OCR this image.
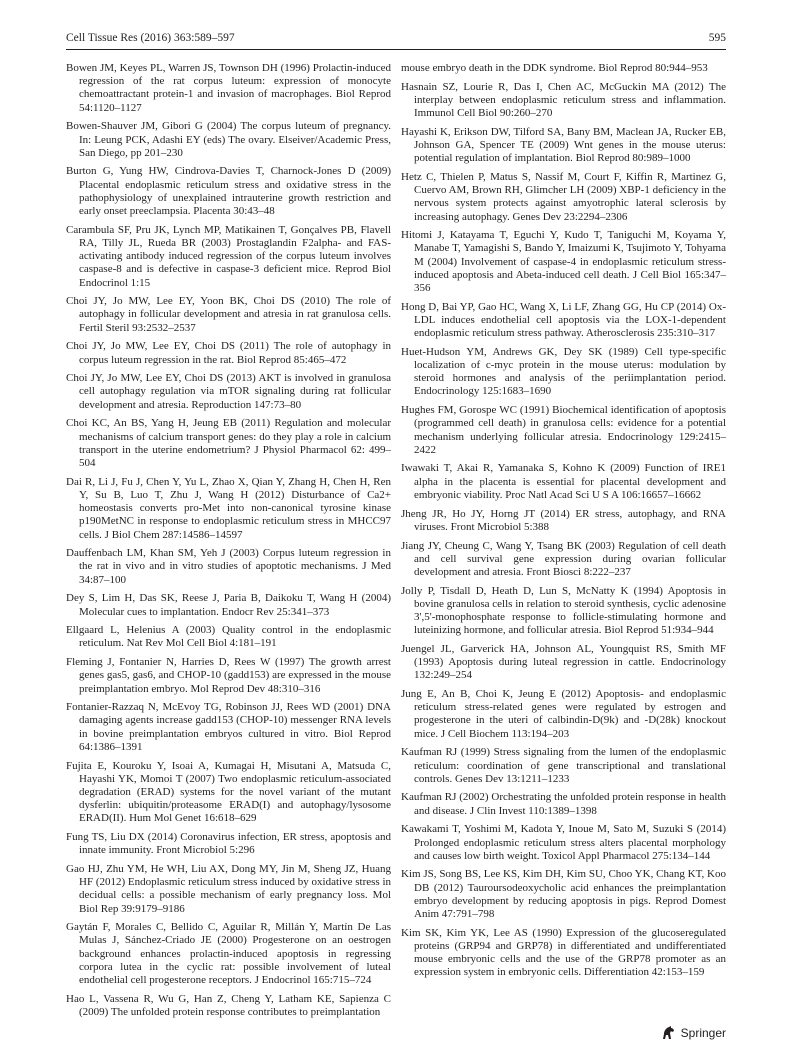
Cell Tissue Res (2016) 363:589–597	595

Bowen JM, Keyes PL, Warren JS, Townson DH (1996) Prolactin-induced regression of the rat corpus luteum: expression of monocyte chemoattractant protein-1 and invasion of macrophages. Biol Reprod 54:1120–1127

Bowen-Shauver JM, Gibori G (2004) The corpus luteum of pregnancy. In: Leung PCK, Adashi EY (eds) The ovary. Elseiver/Academic Press, San Diego, pp 201–230

Burton G, Yung HW, Cindrova-Davies T, Charnock-Jones D (2009) Placental endoplasmic reticulum stress and oxidative stress in the pathophysiology of unexplained intrauterine growth restriction and early onset preeclampsia. Placenta 30:43–48

Carambula SF, Pru JK, Lynch MP, Matikainen T, Gonçalves PB, Flavell RA, Tilly JL, Rueda BR (2003) Prostaglandin F2alpha- and FAS-activating antibody induced regression of the corpus luteum involves caspase-8 and is defective in caspase-3 deficient mice. Reprod Biol Endocrinol 1:15

Choi JY, Jo MW, Lee EY, Yoon BK, Choi DS (2010) The role of autophagy in follicular development and atresia in rat granulosa cells. Fertil Steril 93:2532–2537

Choi JY, Jo MW, Lee EY, Choi DS (2011) The role of autophagy in corpus luteum regression in the rat. Biol Reprod 85:465–472

Choi JY, Jo MW, Lee EY, Choi DS (2013) AKT is involved in granulosa cell autophagy regulation via mTOR signaling during rat follicular development and atresia. Reproduction 147:73–80

Choi KC, An BS, Yang H, Jeung EB (2011) Regulation and molecular mechanisms of calcium transport genes: do they play a role in calcium transport in the uterine endometrium? J Physiol Pharmacol 62: 499–504

Dai R, Li J, Fu J, Chen Y, Yu L, Zhao X, Qian Y, Zhang H, Chen H, Ren Y, Su B, Luo T, Zhu J, Wang H (2012) Disturbance of Ca2+ homeostasis converts pro-Met into non-canonical tyrosine kinase p190MetNC in response to endoplasmic reticulum stress in MHCC97 cells. J Biol Chem 287:14586–14597

Dauffenbach LM, Khan SM, Yeh J (2003) Corpus luteum regression in the rat in vivo and in vitro studies of apoptotic mechanisms. J Med 34:87–100

Dey S, Lim H, Das SK, Reese J, Paria B, Daikoku T, Wang H (2004) Molecular cues to implantation. Endocr Rev 25:341–373

Ellgaard L, Helenius A (2003) Quality control in the endoplasmic reticulum. Nat Rev Mol Cell Biol 4:181–191

Fleming J, Fontanier N, Harries D, Rees W (1997) The growth arrest genes gas5, gas6, and CHOP-10 (gadd153) are expressed in the mouse preimplantation embryo. Mol Reprod Dev 48:310–316

Fontanier-Razzaq N, McEvoy TG, Robinson JJ, Rees WD (2001) DNA damaging agents increase gadd153 (CHOP-10) messenger RNA levels in bovine preimplantation embryos cultured in vitro. Biol Reprod 64:1386–1391

Fujita E, Kouroku Y, Isoai A, Kumagai H, Misutani A, Matsuda C, Hayashi YK, Momoi T (2007) Two endoplasmic reticulum-associated degradation (ERAD) systems for the novel variant of the mutant dysferlin: ubiquitin/proteasome ERAD(I) and autophagy/lysosome ERAD(II). Hum Mol Genet 16:618–629

Fung TS, Liu DX (2014) Coronavirus infection, ER stress, apoptosis and innate immunity. Front Microbiol 5:296

Gao HJ, Zhu YM, He WH, Liu AX, Dong MY, Jin M, Sheng JZ, Huang HF (2012) Endoplasmic reticulum stress induced by oxidative stress in decidual cells: a possible mechanism of early pregnancy loss. Mol Biol Rep 39:9179–9186

Gaytán F, Morales C, Bellido C, Aguilar R, Millán Y, Martín De Las Mulas J, Sánchez-Criado JE (2000) Progesterone on an oestrogen background enhances prolactin-induced apoptosis in regressing corpora lutea in the cyclic rat: possible involvement of luteal endothelial cell progesterone receptors. J Endocrinol 165:715–724

Hao L, Vassena R, Wu G, Han Z, Cheng Y, Latham KE, Sapienza C (2009) The unfolded protein response contributes to preimplantation

mouse embryo death in the DDK syndrome. Biol Reprod 80:944–953

Hasnain SZ, Lourie R, Das I, Chen AC, McGuckin MA (2012) The interplay between endoplasmic reticulum stress and inflammation. Immunol Cell Biol 90:260–270

Hayashi K, Erikson DW, Tilford SA, Bany BM, Maclean JA, Rucker EB, Johnson GA, Spencer TE (2009) Wnt genes in the mouse uterus: potential regulation of implantation. Biol Reprod 80:989–1000

Hetz C, Thielen P, Matus S, Nassif M, Court F, Kiffin R, Martinez G, Cuervo AM, Brown RH, Glimcher LH (2009) XBP-1 deficiency in the nervous system protects against amyotrophic lateral sclerosis by increasing autophagy. Genes Dev 23:2294–2306

Hitomi J, Katayama T, Eguchi Y, Kudo T, Taniguchi M, Koyama Y, Manabe T, Yamagishi S, Bando Y, Imaizumi K, Tsujimoto Y, Tohyama M (2004) Involvement of caspase-4 in endoplasmic reticulum stress-induced apoptosis and Abeta-induced cell death. J Cell Biol 165:347–356

Hong D, Bai YP, Gao HC, Wang X, Li LF, Zhang GG, Hu CP (2014) Ox-LDL induces endothelial cell apoptosis via the LOX-1-dependent endoplasmic reticulum stress pathway. Atherosclerosis 235:310–317

Huet-Hudson YM, Andrews GK, Dey SK (1989) Cell type-specific localization of c-myc protein in the mouse uterus: modulation by steroid hormones and analysis of the periimplantation period. Endocrinology 125:1683–1690

Hughes FM, Gorospe WC (1991) Biochemical identification of apoptosis (programmed cell death) in granulosa cells: evidence for a potential mechanism underlying follicular atresia. Endocrinology 129:2415–2422

Iwawaki T, Akai R, Yamanaka S, Kohno K (2009) Function of IRE1 alpha in the placenta is essential for placental development and embryonic viability. Proc Natl Acad Sci U S A 106:16657–16662

Jheng JR, Ho JY, Horng JT (2014) ER stress, autophagy, and RNA viruses. Front Microbiol 5:388

Jiang JY, Cheung C, Wang Y, Tsang BK (2003) Regulation of cell death and cell survival gene expression during ovarian follicular development and atresia. Front Biosci 8:222–237

Jolly P, Tisdall D, Heath D, Lun S, McNatty K (1994) Apoptosis in bovine granulosa cells in relation to steroid synthesis, cyclic adenosine 3',5'-monophosphate response to follicle-stimulating hormone and luteinizing hormone, and follicular atresia. Biol Reprod 51:934–944

Juengel JL, Garverick HA, Johnson AL, Youngquist RS, Smith MF (1993) Apoptosis during luteal regression in cattle. Endocrinology 132:249–254

Jung E, An B, Choi K, Jeung E (2012) Apoptosis- and endoplasmic reticulum stress-related genes were regulated by estrogen and progesterone in the uteri of calbindin-D(9k) and -D(28k) knockout mice. J Cell Biochem 113:194–203

Kaufman RJ (1999) Stress signaling from the lumen of the endoplasmic reticulum: coordination of gene transcriptional and translational controls. Genes Dev 13:1211–1233

Kaufman RJ (2002) Orchestrating the unfolded protein response in health and disease. J Clin Invest 110:1389–1398

Kawakami T, Yoshimi M, Kadota Y, Inoue M, Sato M, Suzuki S (2014) Prolonged endoplasmic reticulum stress alters placental morphology and causes low birth weight. Toxicol Appl Pharmacol 275:134–144

Kim JS, Song BS, Lee KS, Kim DH, Kim SU, Choo YK, Chang KT, Koo DB (2012) Tauroursodeoxycholic acid enhances the preimplantation embryo development by reducing apoptosis in pigs. Reprod Domest Anim 47:791–798

Kim SK, Kim YK, Lee AS (1990) Expression of the glucoseregulated proteins (GRP94 and GRP78) in differentiated and undifferentiated mouse embryonic cells and the use of the GRP78 promoter as an expression system in embryonic cells. Differentiation 42:153–159

Springer
